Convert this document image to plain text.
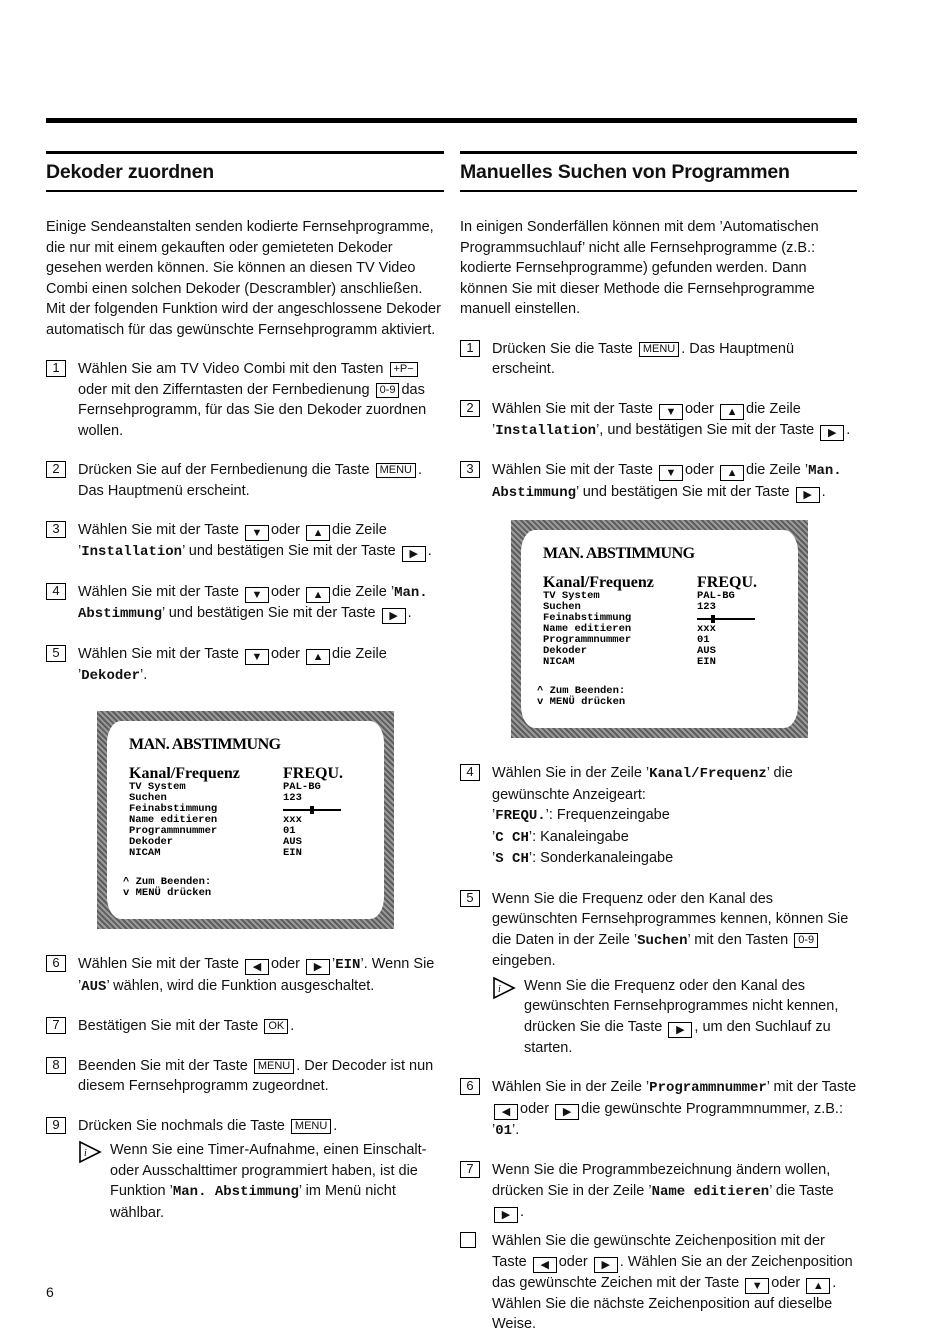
Dekoder zuordnen

Einige Sendeanstalten senden kodierte Fernsehprogramme, die nur mit einem gekauften oder gemieteten Dekoder gesehen werden können. Sie können an diesen TV Video Combi einen solchen Dekoder (Descrambler) anschließen. Mit der folgenden Funktion wird der angeschlossene Dekoder automatisch für das gewünschte Fernsehprogramm aktiviert.

1	Wählen Sie am TV Video Combi mit den Tasten +P− oder mit den Zifferntasten der Fernbedienung 0-9 das Fernsehprogramm, für das Sie den Dekoder zuordnen wollen.
2	Drücken Sie auf der Fernbedienung die Taste MENU . Das Hauptmenü erscheint.
3	Wählen Sie mit der Taste ▼ oder ▲ die Zeile ’Installation’ und bestätigen Sie mit der Taste ▶ .
4	Wählen Sie mit der Taste ▼ oder ▲ die Zeile ’Man. Abstimmung’ und bestätigen Sie mit der Taste ▶ .
5	Wählen Sie mit der Taste ▼ oder ▲ die Zeile ’Dekoder’.
MAN. ABSTIMMUNG
Kanal/Frequenz	FREQU.
TV System	PAL-BG
Suchen	123
Feinabstimmung
Name editieren	xxx
Programmnummer	01
Dekoder	AUS
NICAM	EIN
^ Zum Beenden:
v MENÜ drücken
6	Wählen Sie mit der Taste ◀ oder ▶ ’EIN’. Wenn Sie ’AUS’ wählen, wird die Funktion ausgeschaltet.
7	Bestätigen Sie mit der Taste OK .
8	Beenden Sie mit der Taste MENU . Der Decoder ist nun diesem Fernsehprogramm zugeordnet.
9	Drücken Sie nochmals die Taste MENU .
i Wenn Sie eine Timer-Aufnahme, einen Einschalt- oder Ausschalttimer programmiert haben, ist die Funktion ’Man. Abstimmung’ im Menü nicht wählbar.
Manuelles Suchen von Programmen

In einigen Sonderfällen können mit dem ’Automatischen Programmsuchlauf’ nicht alle Fernsehprogramme (z.B.: kodierte Fernsehprogramme) gefunden werden. Dann können Sie mit dieser Methode die Fernsehprogramme manuell einstellen.

1	Drücken Sie die Taste MENU . Das Hauptmenü erscheint.
2	Wählen Sie mit der Taste ▼ oder ▲ die Zeile ’Installation’, und bestätigen Sie mit der Taste ▶ .
3	Wählen Sie mit der Taste ▼ oder ▲ die Zeile ’Man. Abstimmung’ und bestätigen Sie mit der Taste ▶ .
MAN. ABSTIMMUNG
Kanal/Frequenz	FREQU.
TV System	PAL-BG
Suchen	123
Feinabstimmung
Name editieren	xxx
Programmnummer	01
Dekoder	AUS
NICAM	EIN
^ Zum Beenden:
v MENÜ drücken
4	Wählen Sie in der Zeile ’Kanal/Frequenz’ die gewünschte Anzeigeart:
’FREQU.’: Frequenzeingabe
’C CH’: Kanaleingabe
’S CH’: Sonderkanaleingabe
5	Wenn Sie die Frequenz oder den Kanal des gewünschten Fernsehprogrammes kennen, können Sie die Daten in der Zeile ’Suchen’ mit den Tasten 0-9eingeben.
i Wenn Sie die Frequenz oder den Kanal des gewünschten Fernsehprogrammes nicht kennen, drücken Sie die Taste ▶ , um den Suchlauf zu starten.
6	Wählen Sie in der Zeile ’Programmnummer’ mit der Taste ◀ oder ▶ die gewünschte Programmnummer, z.B.: ’01’.
7	Wenn Sie die Programmbezeichnung ändern wollen, drücken Sie in der Zeile ’Name editieren’ die Taste ▶ .
Wählen Sie die gewünschte Zeichenposition mit der Taste ◀ oder ▶ . Wählen Sie an der Zeichenposition das gewünschte Zeichen mit der Taste ▼ oder ▲ . Wählen Sie die nächste Zeichenposition auf dieselbe Weise.
6
